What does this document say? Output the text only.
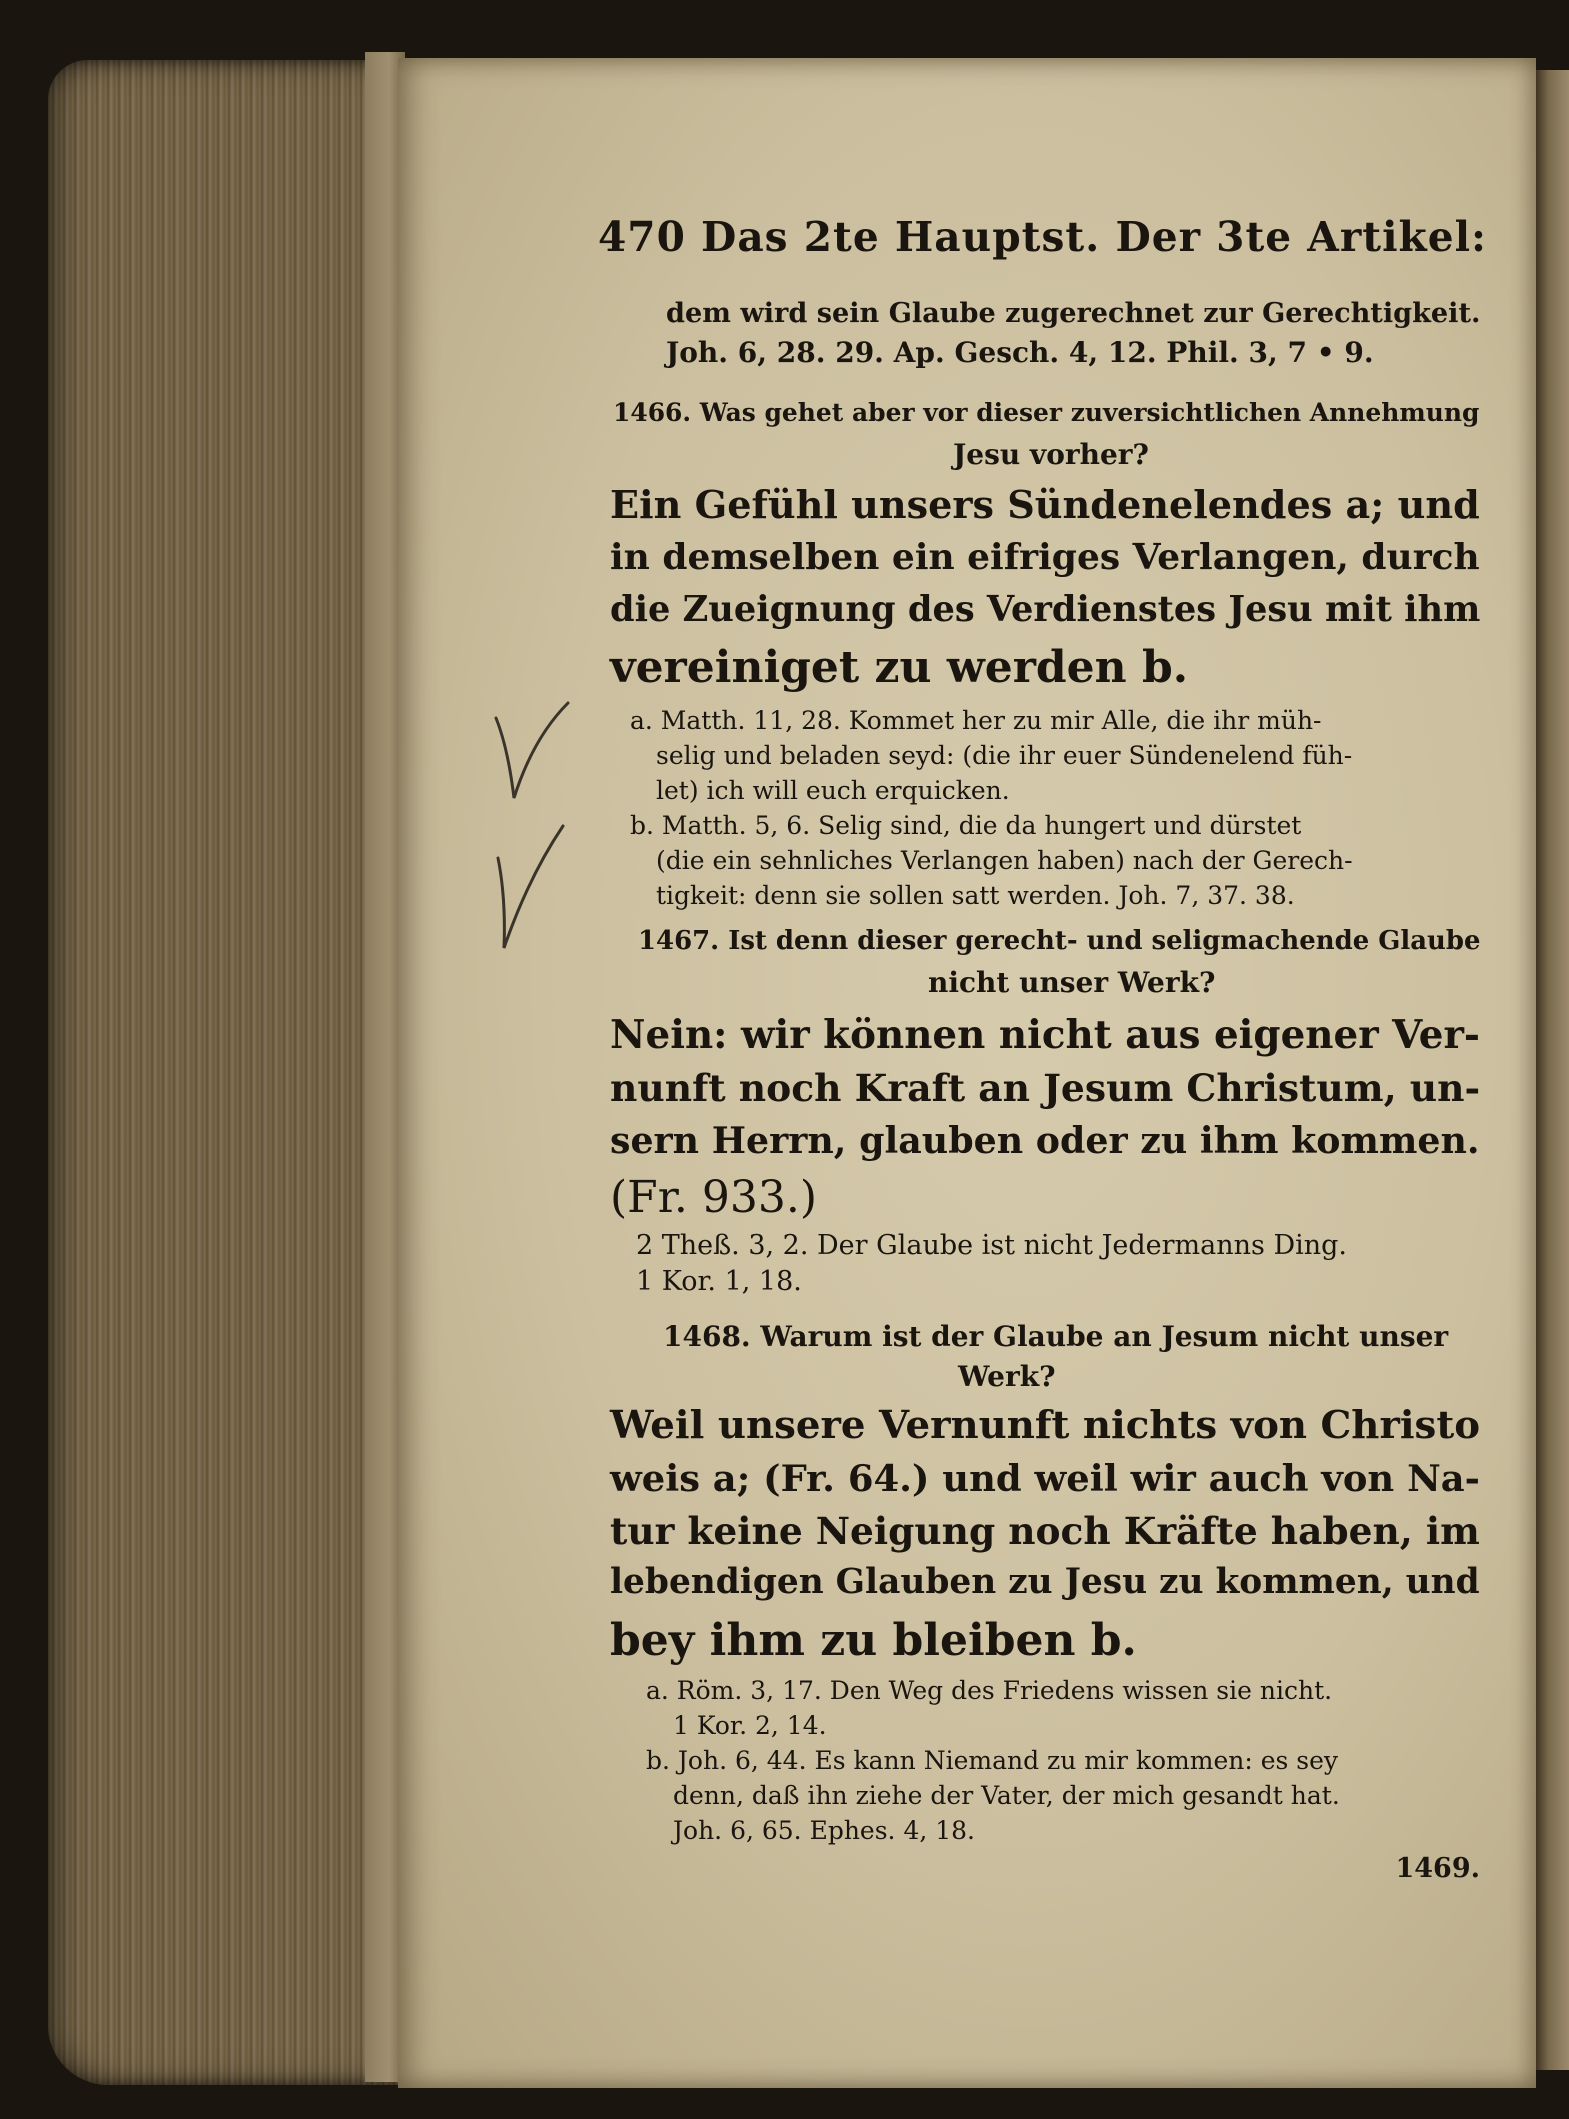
470 Das 2te Hauptst. Der 3te Artikel:
dem wird sein Glaube zugerechnet zur Gerechtigkeit.
Joh. 6, 28. 29. Ap. Gesch. 4, 12. Phil. 3, 7 • 9.
1466. Was gehet aber vor dieser zuversichtlichen Annehmung
Jesu vorher?
Ein Gefühl unsers Sündenelendes a; und
in demselben ein eifriges Verlangen, durch
die Zueignung des Verdienstes Jesu mit ihm
vereiniget zu werden b.
a. Matth. 11, 28. Kommet her zu mir Alle, die ihr müh-
selig und beladen seyd: (die ihr euer Sündenelend füh-
let) ich will euch erquicken.
b. Matth. 5, 6. Selig sind, die da hungert und dürstet
(die ein sehnliches Verlangen haben) nach der Gerech-
tigkeit: denn sie sollen satt werden. Joh. 7, 37. 38.
1467. Ist denn dieser gerecht- und seligmachende Glaube
nicht unser Werk?
Nein: wir können nicht aus eigener Ver-
nunft noch Kraft an Jesum Christum, un-
sern Herrn, glauben oder zu ihm kommen.
(Fr. 933.)
2 Theß. 3, 2. Der Glaube ist nicht Jedermanns Ding.
1 Kor. 1, 18.
1468. Warum ist der Glaube an Jesum nicht unser
Werk?
Weil unsere Vernunft nichts von Christo
weis a; (Fr. 64.) und weil wir auch von Na-
tur keine Neigung noch Kräfte haben, im
lebendigen Glauben zu Jesu zu kommen, und
bey ihm zu bleiben b.
a. Röm. 3, 17. Den Weg des Friedens wissen sie nicht.
1 Kor. 2, 14.
b. Joh. 6, 44. Es kann Niemand zu mir kommen: es sey
denn, daß ihn ziehe der Vater, der mich gesandt hat.
Joh. 6, 65. Ephes. 4, 18.
1469.
